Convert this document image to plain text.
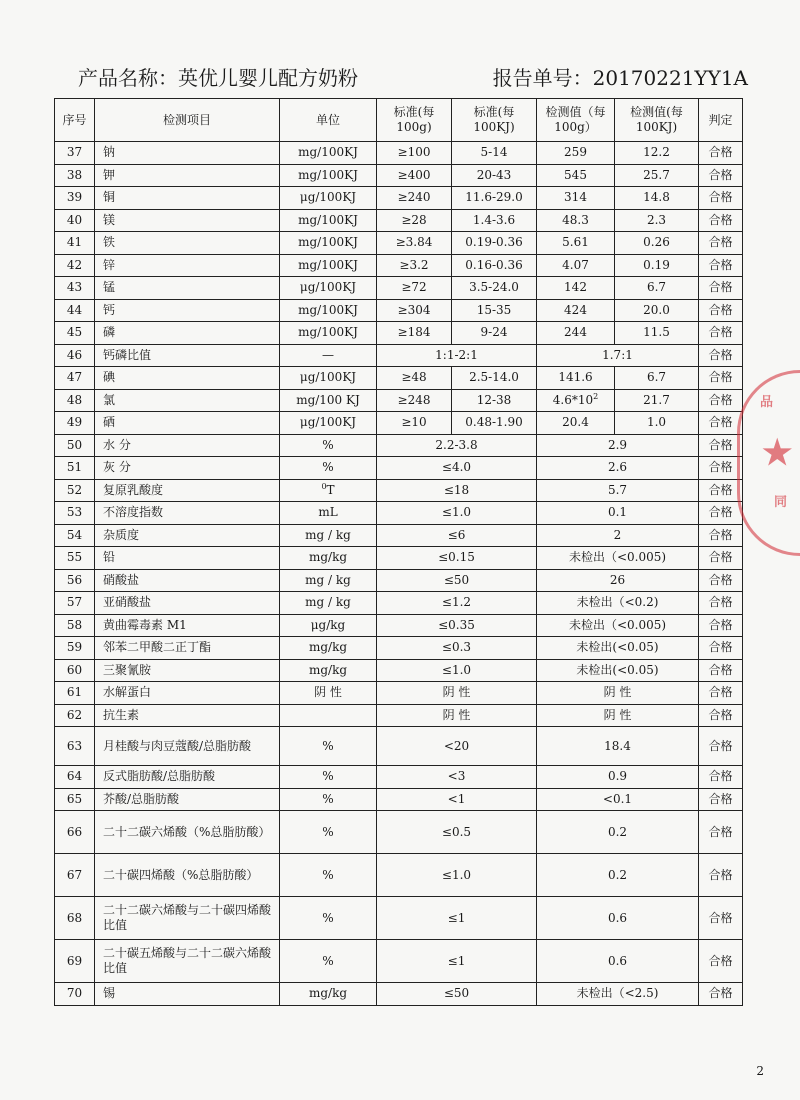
产品名称：英优儿婴儿配方奶粉	报告单号：20170221YY1A
序号	检测项目	单位	标准(每100g)	标准(每100KJ)	检测值（每100g）	检测值(每100KJ)	判定
37	钠	mg/100KJ	≥100	5-14	259	12.2	合格
38	钾	mg/100KJ	≥400	20-43	545	25.7	合格
39	铜	μg/100KJ	≥240	11.6-29.0	314	14.8	合格
40	镁	mg/100KJ	≥28	1.4-3.6	48.3	2.3	合格
41	铁	mg/100KJ	≥3.84	0.19-0.36	5.61	0.26	合格
42	锌	mg/100KJ	≥3.2	0.16-0.36	4.07	0.19	合格
43	锰	μg/100KJ	≥72	3.5-24.0	142	6.7	合格
44	钙	mg/100KJ	≥304	15-35	424	20.0	合格
45	磷	mg/100KJ	≥184	9-24	244	11.5	合格
46	钙磷比值	—	1:1-2:1		1.7:1		合格
47	碘	μg/100KJ	≥48	2.5-14.0	141.6	6.7	合格
48	氯	mg/100 KJ	≥248	12-38	$4.6*10^2$	21.7	合格
49	硒	μg/100KJ	≥10	0.48-1.90	20.4	1.0	合格
50	水 分	%	2.2-3.8		2.9		合格
51	灰 分	%	≤4.0		2.6		合格
52	复原乳酸度	$^0$T	≤18		5.7		合格
53	不溶度指数	mL	≤1.0		0.1		合格
54	杂质度	mg / kg	≤6		2		合格
55	铅	mg/kg	≤0.15		未检出（<0.005)		合格
56	硝酸盐	mg / kg	≤50		26		合格
57	亚硝酸盐	mg / kg	≤1.2		未检出（<0.2)		合格
58	黄曲霉毒素 M1	μg/kg	≤0.35		未检出（<0.005)		合格
59	邻苯二甲酸二正丁酯	mg/kg	≤0.3		未检出(<0.05)		合格
60	三聚氰胺	mg/kg	≤1.0		未检出(<0.05)		合格
61	水解蛋白	阴 性	阴 性		阴 性		合格
62	抗生素		阴 性		阴 性		合格
63	月桂酸与肉豆蔻酸/总脂肪酸	%	<20		18.4		合格
64	反式脂肪酸/总脂肪酸	%	<3		0.9		合格
65	芥酸/总脂肪酸	%	<1		<0.1		合格
66	二十二碳六烯酸（%总脂肪酸）	%	≤0.5		0.2		合格
67	二十碳四烯酸（%总脂肪酸）	%	≤1.0		0.2		合格
68	二十二碳六烯酸与二十碳四烯酸比值	%	≤1		0.6		合格
69	二十碳五烯酸与二十二碳六烯酸比值	%	≤1		0.6		合格
70	锡	mg/kg	≤50		未检出（<2.5)		合格
品
★
同
2
